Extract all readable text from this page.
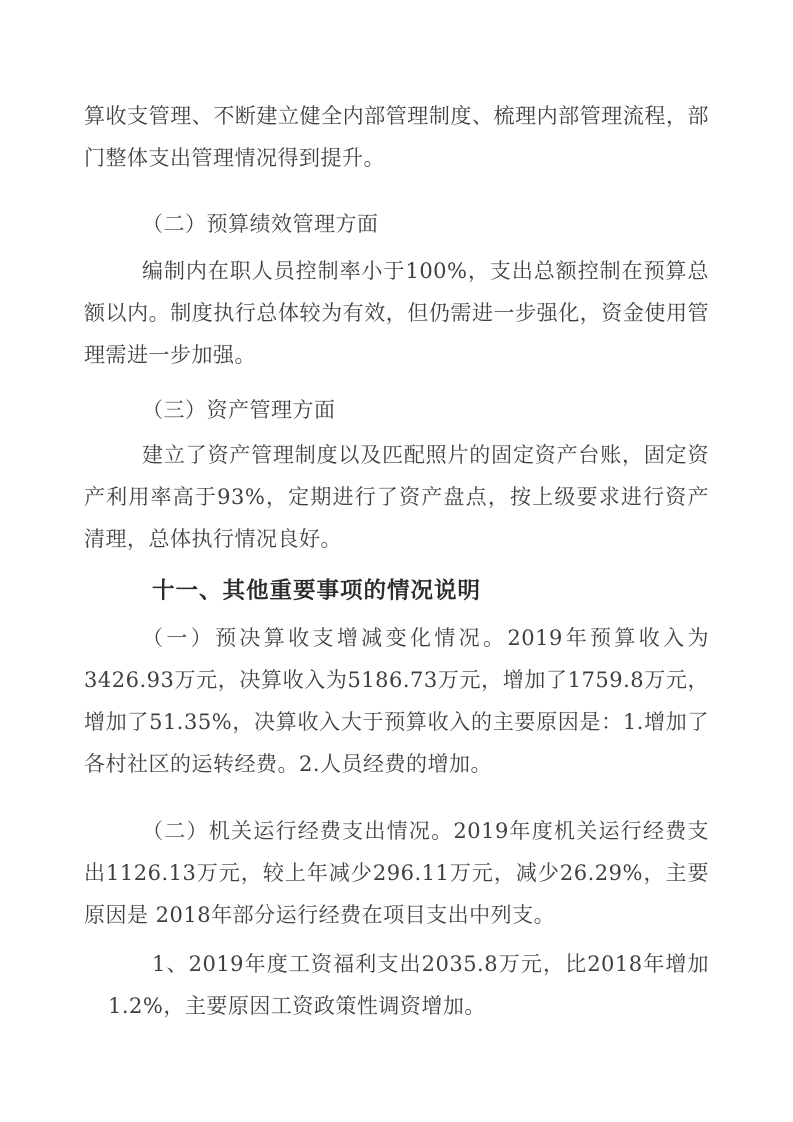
算收支管理、不断建立健全内部管理制度、梳理内部管理流程，部门整体支出管理情况得到提升。

（二）预算绩效管理方面

编制内在职人员控制率小于100%，支出总额控制在预算总额以内。制度执行总体较为有效，但仍需进一步强化，资金使用管理需进一步加强。

（三）资产管理方面

建立了资产管理制度以及匹配照片的固定资产台账，固定资产利用率高于93%，定期进行了资产盘点，按上级要求进行资产清理，总体执行情况良好。

十一、其他重要事项的情况说明

（一）预决算收支增减变化情况。2019年预算收入为3426.93万元，决算收入为5186.73万元，增加了1759.8万元，增加了51.35%，决算收入大于预算收入的主要原因是：1.增加了各村社区的运转经费。2.人员经费的增加。

（二）机关运行经费支出情况。2019年度机关运行经费支出1126.13万元，较上年减少296.11万元，减少26.29%，主要原因是 2018年部分运行经费在项目支出中列支。

1、2019年度工资福利支出2035.8万元，比2018年增加1.2%，主要原因工资政策性调资增加。
